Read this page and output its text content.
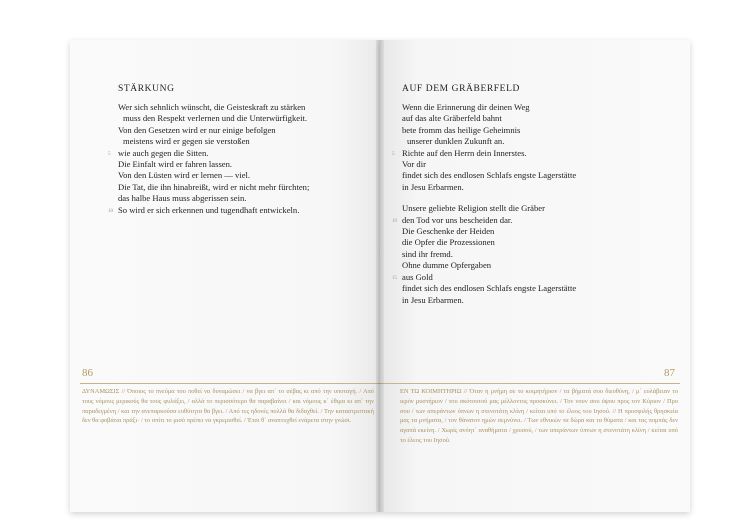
STÄRKUNG
Wer sich sehnlich wünscht, die Geisteskraft zu stärken
muss den Respekt verlernen und die Unterwürfigkeit.
Von den Gesetzen wird er nur einige befolgen
meistens wird er gegen sie verstoßen
wie auch gegen die Sitten.
5
Die Einfalt wird er fahren lassen.
Von den Lüsten wird er lernen — viel.
Die Tat, die ihn hinabreißt, wird er nicht mehr fürchten;
das halbe Haus muss abgerissen sein.
So wird er sich erkennen und tugendhaft entwickeln.
10
86
ΔΥΝΑΜΩΣΙΣ // Όποιος το πνεύμα του ποθεί να δυναμώσει / να βγει απ΄ το σέβας κι από την υποταγή. / Από τους νόμους μερικούς θα τους φυλάξει, / αλλά το περισσότερο θα παραβαίνει / και νόμους κ΄ έθιμα κι απ΄ την παραδεγμένη / και την ανεπαρκούσα ευθύτητα θα βγει. / Από τες ηδονές πολλά θα διδαχθεί. / Την καταστρεπτική δεν θα φοβάται πράξι· / το σπίτι το μισό πρέπει να γκρεμισθεί. / Έτσι θ΄ αναπτυχθεί ενάρετα στην γνώσι.
AUF DEM GRÄBERFELD
Wenn die Erinnerung dir deinen Weg
auf das alte Gräberfeld bahnt
bete fromm das heilige Geheimnis
unserer dunklen Zukunft an.
Richte auf den Herrn dein Innerstes.
5
Vor dir
findet sich des endlosen Schlafs engste Lagerstätte
in Jesu Erbarmen.
Unsere geliebte Religion stellt die Gräber
den Tod vor uns bescheiden dar.
10
Die Geschenke der Heiden
die Opfer die Prozessionen
sind ihr fremd.
Ohne dumme Opfergaben
aus Gold
15
findet sich des endlosen Schlafs engste Lagerstätte
in Jesu Erbarmen.
87
ΕΝ ΤΩ ΚΟΙΜΗΤΗΡΙΩ // Όταν η μνήμη σε το κοιμητήριον / τα βήματά σου διευθύνη, / μ΄ ευλάβειαν το ιερόν μυστήριον / του σκότουτού μας μέλλοντος προσκύνει. / Τον νουν σου ύψου προς τον Κύριον / Προ σου / των απεράντων ύπνων η στενοτάτη κλίνη / κείται υπό το έλεος του Ιησού. // Η προσφιλής θρησκεία μας τα μνήματα, / τον θάνατον ημών σεμνύνει. / Των εθνικών τα δώρα και τα θύματα / και τας πομπάς δεν αγαπά εκείνη. / Χωρίς ανόητ΄ αναθήματα / χρυσού, / των απεράντων ύπνων η στενοτάτη κλίνη / κείται υπό το έλεος του Ιησού.
